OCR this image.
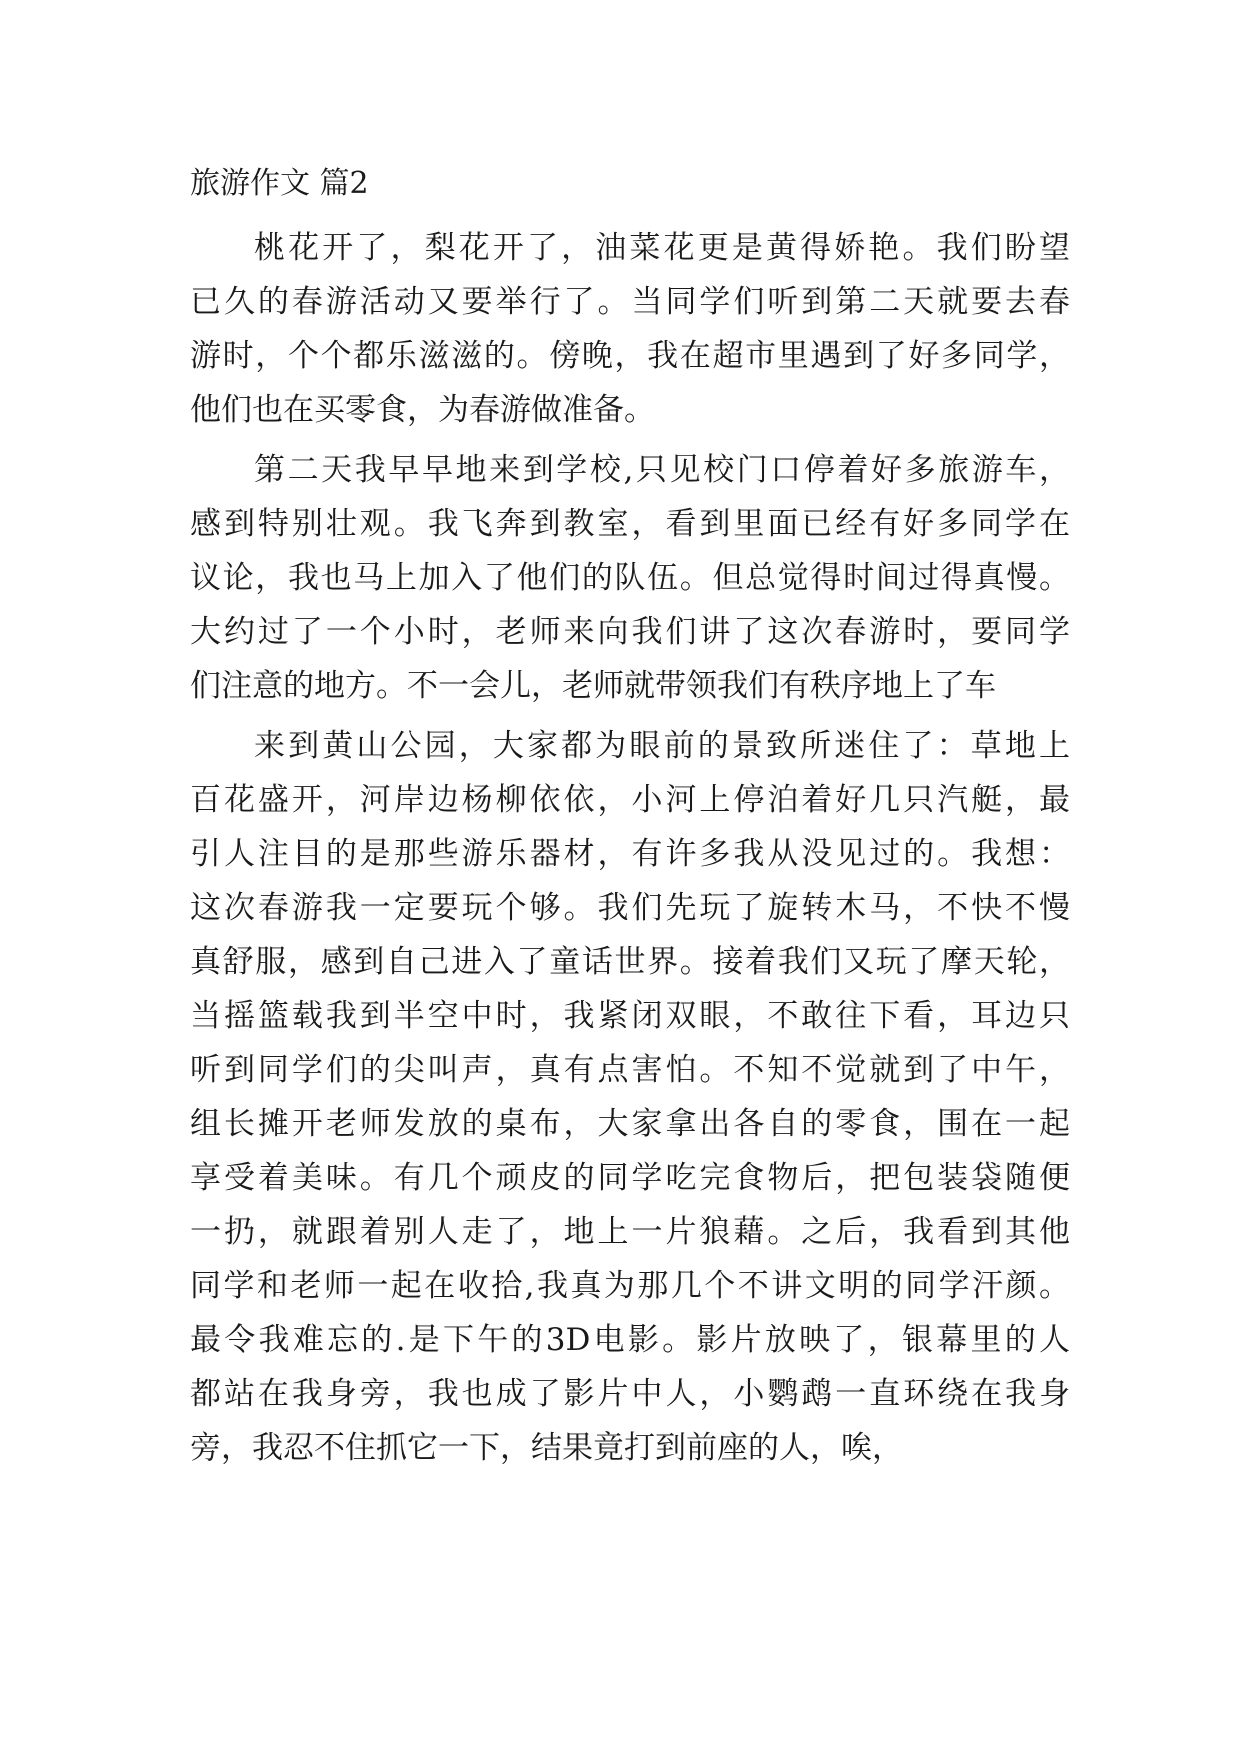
旅游作文 篇2

桃花开了，梨花开了，油菜花更是黄得娇艳。我们盼望

已久的春游活动又要举行了。当同学们听到第二天就要去春

游时，个个都乐滋滋的。傍晚，我在超市里遇到了好多同学，

他们也在买零食，为春游做准备。

第二天我早早地来到学校,只见校门口停着好多旅游车，

感到特别壮观。我飞奔到教室，看到里面已经有好多同学在

议论，我也马上加入了他们的队伍。但总觉得时间过得真慢。

大约过了一个小时，老师来向我们讲了这次春游时，要同学

们注意的地方。不一会儿，老师就带领我们有秩序地上了车

来到黄山公园，大家都为眼前的景致所迷住了：草地上

百花盛开，河岸边杨柳依依，小河上停泊着好几只汽艇，最

引人注目的是那些游乐器材，有许多我从没见过的。我想：

这次春游我一定要玩个够。我们先玩了旋转木马，不快不慢

真舒服，感到自己进入了童话世界。接着我们又玩了摩天轮，

当摇篮载我到半空中时，我紧闭双眼，不敢往下看，耳边只

听到同学们的尖叫声，真有点害怕。不知不觉就到了中午，

组长摊开老师发放的桌布，大家拿出各自的零食，围在一起

享受着美味。有几个顽皮的同学吃完食物后，把包装袋随便

一扔，就跟着别人走了，地上一片狼藉。之后，我看到其他

同学和老师一起在收拾,我真为那几个不讲文明的同学汗颜。

最令我难忘的.是下午的3D电影。影片放映了，银幕里的人

都站在我身旁，我也成了影片中人，小鹦鹉一直环绕在我身

旁，我忍不住抓它一下，结果竟打到前座的人，唉，
